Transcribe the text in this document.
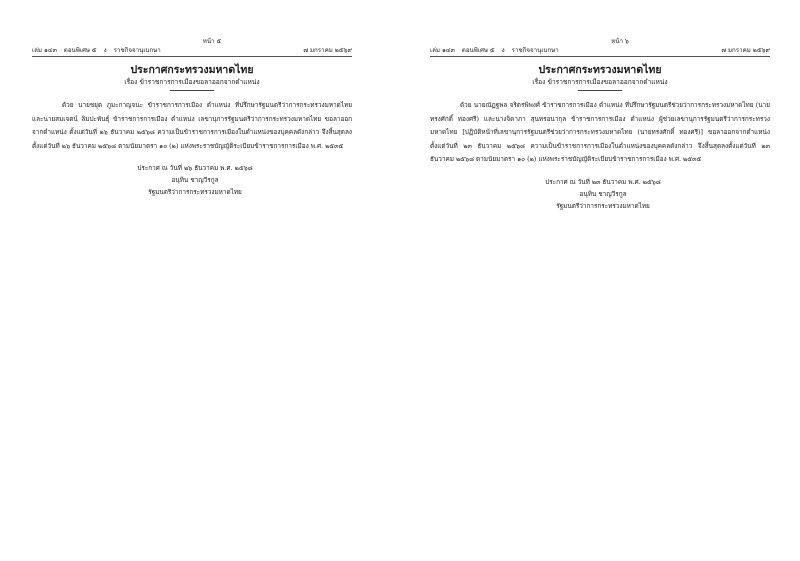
หน้า ๕
เล่ม ๑๔๓ ตอนพิเศษ ๕ ง ราชกิจจานุเบกษา	๗ มกราคม ๒๕๖๙
ประกาศกระทรวงมหาดไทย
เรื่อง ข้าราชการการเมืองขอลาออกจากตำแหน่ง

ด้วย นายชยุต ภูมะกาญจนะ ข้าราชการการเมือง ตำแหน่ง ที่ปรึกษารัฐมนตรีว่าการกระทรวงมหาดไทย และนายสมเจตน์ ลิมปะพันธุ์ ข้าราชการการเมือง ตำแหน่ง เลขานุการรัฐมนตรีว่าการกระทรวงมหาดไทย ขอลาออกจากตำแหน่ง ตั้งแต่วันที่ ๒๖ ธันวาคม ๒๕๖๘ ความเป็นข้าราชการการเมืองในตำแหน่งของบุคคลดังกล่าว จึงสิ้นสุดลงตั้งแต่วันที่ ๒๖ ธันวาคม ๒๕๖๘ ตามนัยมาตรา ๑๐ (๒) แห่งพระราชบัญญัติระเบียบข้าราชการการเมือง พ.ศ. ๒๕๓๕

ประกาศ ณ วันที่ ๒๖ ธันวาคม พ.ศ. ๒๕๖๘
อนุทิน ชาญวีรกูล
รัฐมนตรีว่าการกระทรวงมหาดไทย
หน้า ๖
เล่ม ๑๔๓ ตอนพิเศษ ๕ ง ราชกิจจานุเบกษา	๗ มกราคม ๒๕๖๙
ประกาศกระทรวงมหาดไทย
เรื่อง ข้าราชการการเมืองขอลาออกจากตำแหน่ง

ด้วย นายณัฏฐพล จริตรพิพงศ์ ข้าราชการการเมือง ตำแหน่ง ที่ปรึกษารัฐมนตรีช่วยว่าการกระทรวงมหาดไทย (นายทรงศักดิ์ ทองศรี) และนางจิดาภา สุนทรอนากุล ข้าราชการการเมือง ตำแหน่ง ผู้ช่วยเลขานุการรัฐมนตรีว่าการกระทรวงมหาดไทย [ปฏิบัติหน้าที่เลขานุการรัฐมนตรีช่วยว่าการกระทรวงมหาดไทย (นายทรงศักดิ์ ทองศรี)] ขอลาออกจากตำแหน่ง ตั้งแต่วันที่ ๒๓ ธันวาคม ๒๕๖๘ ความเป็นข้าราชการการเมืองในตำแหน่งของบุคคลดังกล่าว จึงสิ้นสุดลงตั้งแต่วันที่ ๒๓ ธันวาคม ๒๕๖๘ ตามนัยมาตรา ๑๐ (๒) แห่งพระราชบัญญัติระเบียบข้าราชการการเมือง พ.ศ. ๒๕๓๕

ประกาศ ณ วันที่ ๒๓ ธันวาคม พ.ศ. ๒๕๖๘
อนุทิน ชาญวีรกูล
รัฐมนตรีว่าการกระทรวงมหาดไทย
